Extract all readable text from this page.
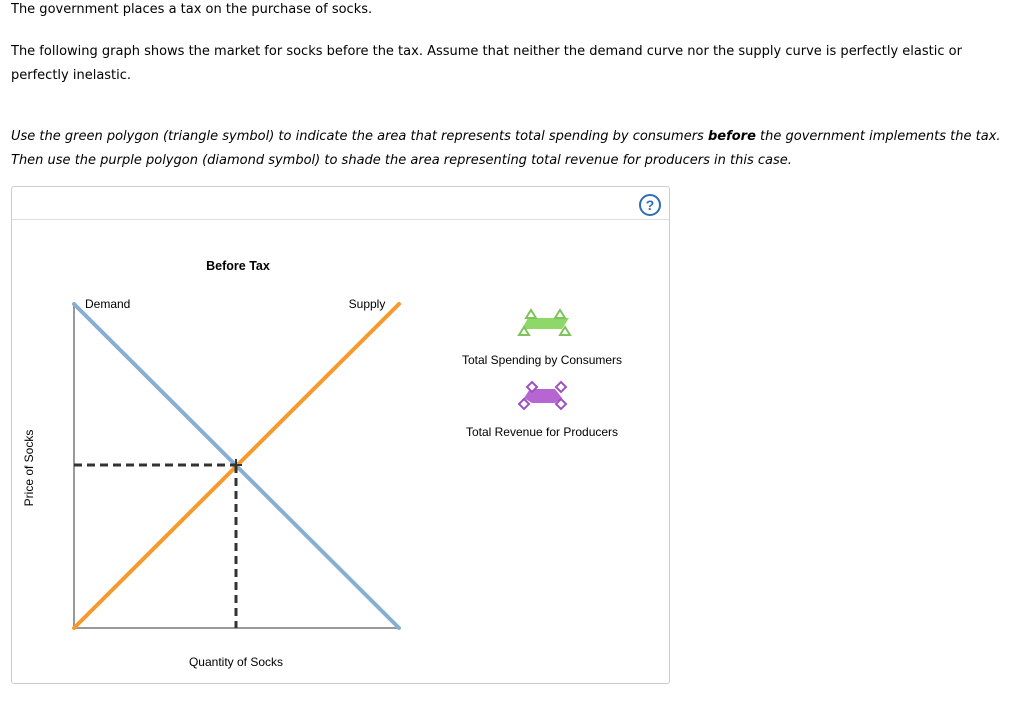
The government places a tax on the purchase of socks.
The following graph shows the market for socks before the tax. Assume that neither the demand curve nor the supply curve is perfectly elastic or
perfectly inelastic.
Use the green polygon (triangle symbol) to indicate the area that represents total spending by consumers before the government implements the tax.
Then use the purple polygon (diamond symbol) to shade the area representing total revenue for producers in this case.
?
Before Tax
Price of Socks
Demand	Supply
Quantity of Socks
Total Spending by Consumers
Total Revenue for Producers
